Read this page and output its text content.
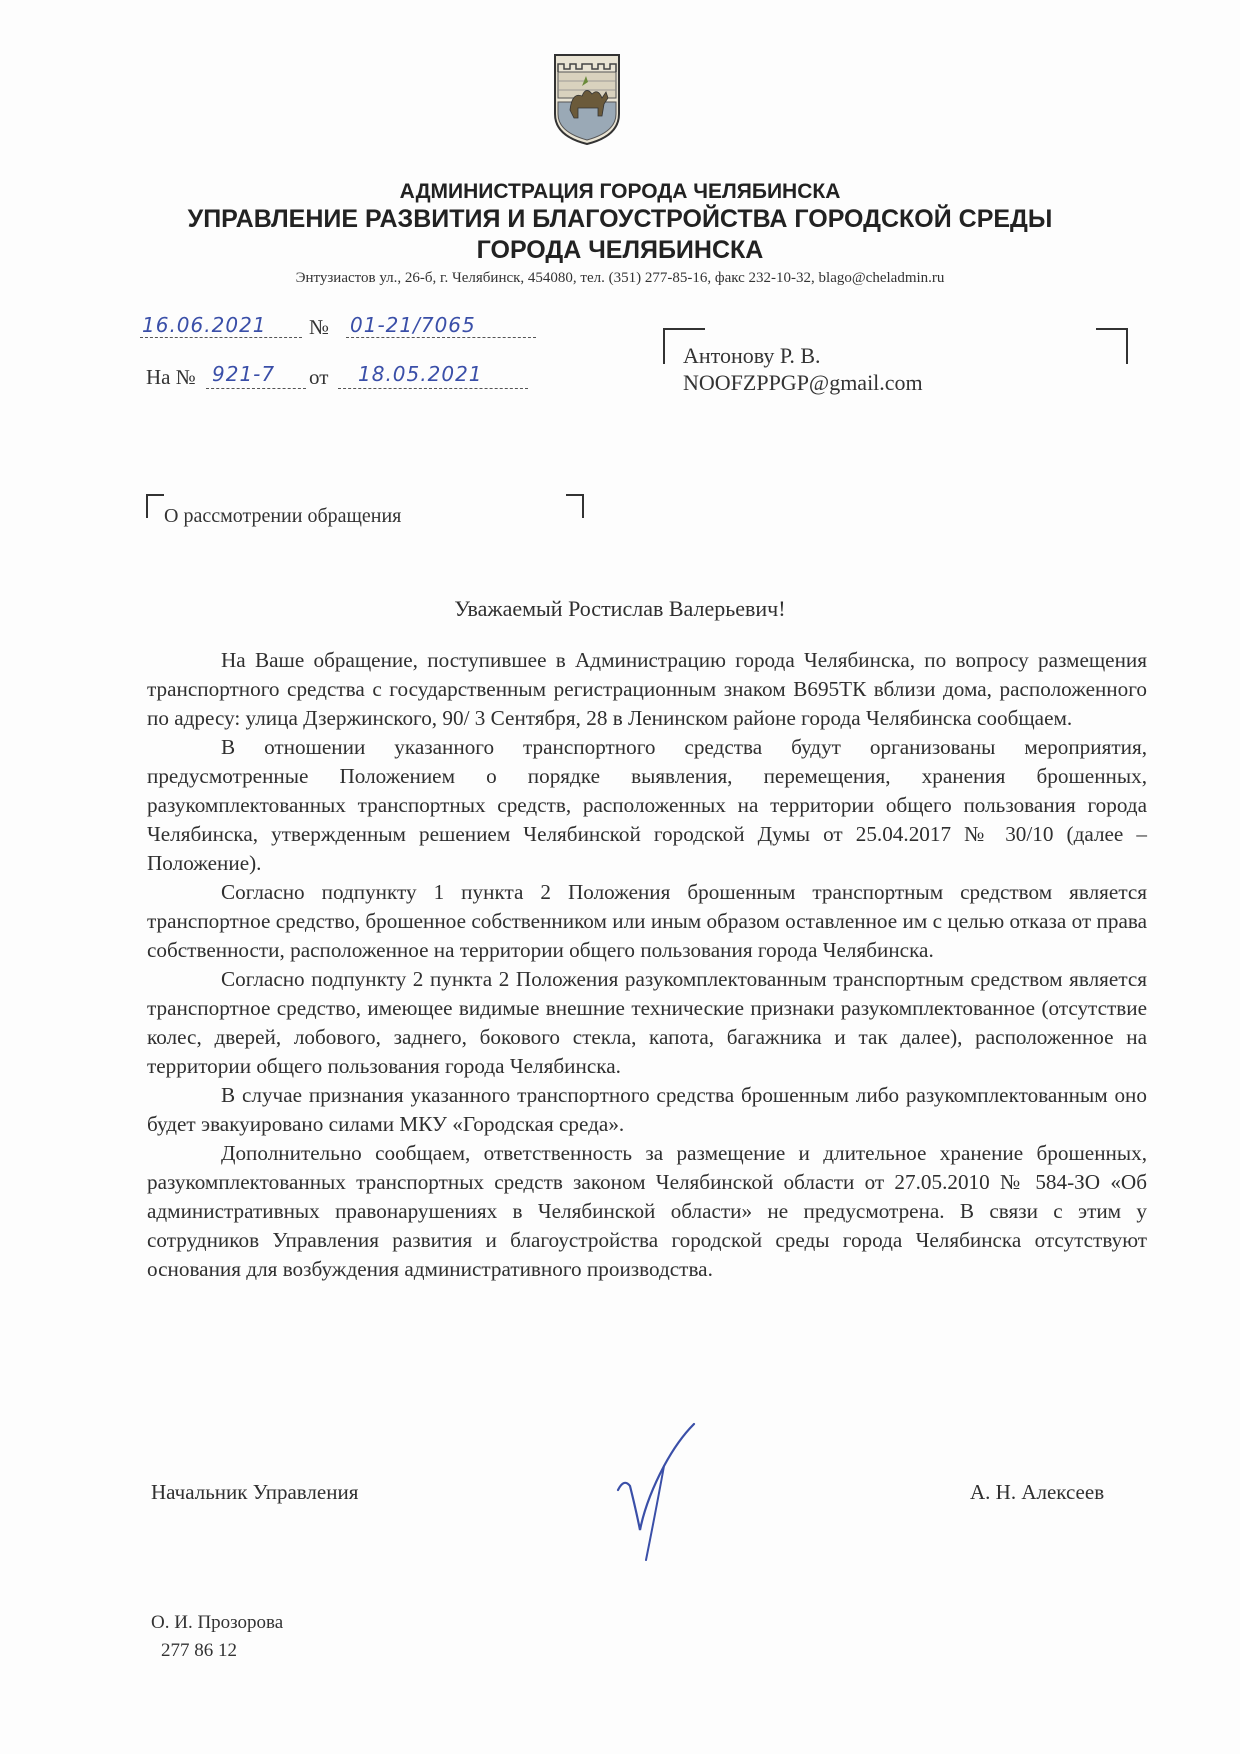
АДМИНИСТРАЦИЯ ГОРОДА ЧЕЛЯБИНСКА
УПРАВЛЕНИЕ РАЗВИТИЯ И БЛАГОУСТРОЙСТВА ГОРОДСКОЙ СРЕДЫ
ГОРОДА ЧЕЛЯБИНСКА
Энтузиастов ул., 26-б, г. Челябинск, 454080, тел. (351) 277-85-16, факс 232-10-32, blago@cheladmin.ru
16.06.2021 № 01-21/7065
На № 921-7 от 18.05.2021
Антонову Р. В.
NOOFZPPGP@gmail.com
О рассмотрении обращения
Уважаемый Ростислав Валерьевич!

На Ваше обращение, поступившее в Администрацию города Челябинска, по вопросу размещения транспортного средства с государственным регистрационным знаком В695ТК вблизи дома, расположенного по адресу: улица Дзержинского, 90/ 3 Сентября, 28 в Ленинском районе города Челябинска сообщаем.

В отношении указанного транспортного средства будут организованы мероприятия, предусмотренные Положением о порядке выявления, перемещения, хранения брошенных, разукомплектованных транспортных средств, расположенных на территории общего пользования города Челябинска, утвержденным решением Челябинской городской Думы от 25.04.2017 № 30/10 (далее – Положение).

Согласно подпункту 1 пункта 2 Положения брошенным транспортным средством является транспортное средство, брошенное собственником или иным образом оставленное им с целью отказа от права собственности, расположенное на территории общего пользования города Челябинска.

Согласно подпункту 2 пункта 2 Положения разукомплектованным транспортным средством является транспортное средство, имеющее видимые внешние технические признаки разукомплектованное (отсутствие колес, дверей, лобового, заднего, бокового стекла, капота, багажника и так далее), расположенное на территории общего пользования города Челябинска.

В случае признания указанного транспортного средства брошенным либо разукомплектованным оно будет эвакуировано силами МКУ «Городская среда».

Дополнительно сообщаем, ответственность за размещение и длительное хранение брошенных, разукомплектованных транспортных средств законом Челябинской области от 27.05.2010 № 584-ЗО «Об административных правонарушениях в Челябинской области» не предусмотрена. В связи с этим у сотрудников Управления развития и благоустройства городской среды города Челябинска отсутствуют основания для возбуждения административного производства.

Начальник Управления	А. Н. Алексеев
О. И. Прозорова
277 86 12
